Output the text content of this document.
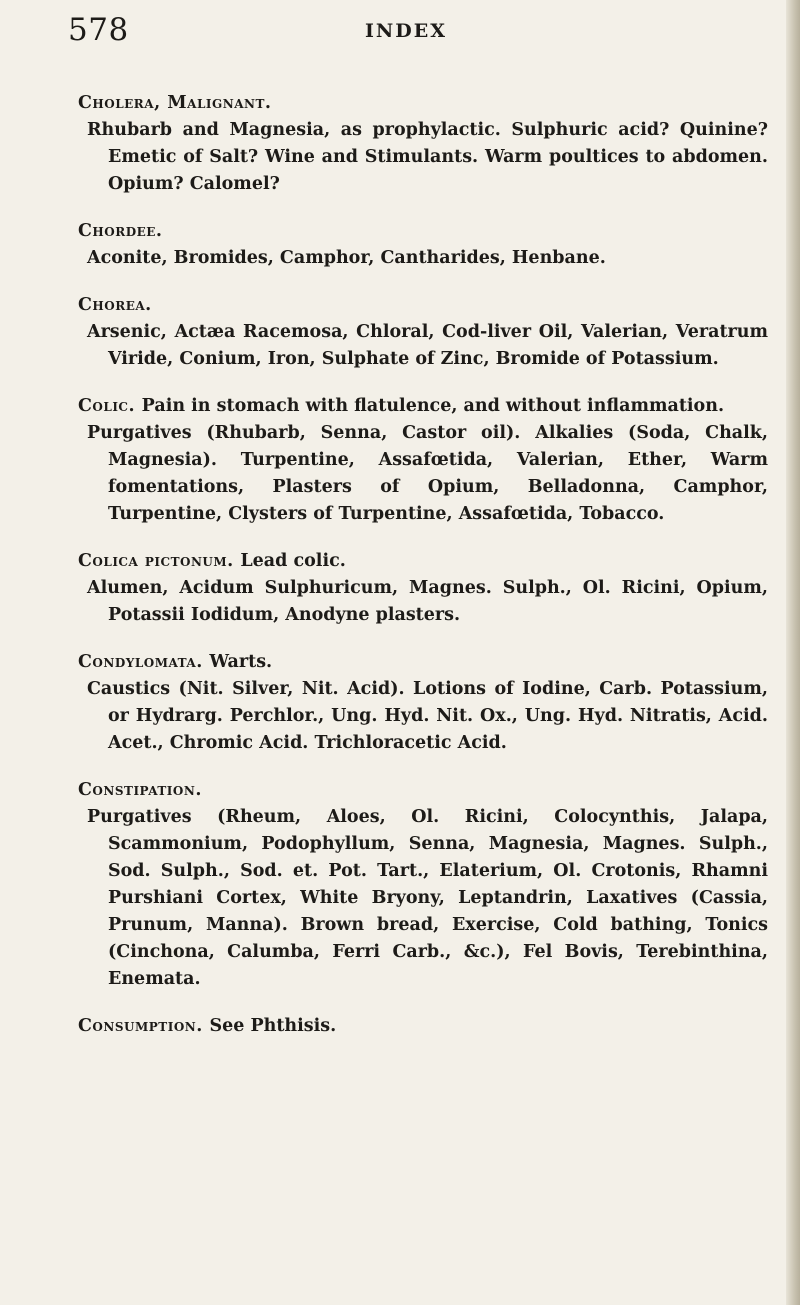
578	INDEX
Cholera, Malignant.

Rhubarb and Magnesia, as prophylactic. Sulphuric acid? Quinine? Emetic of Salt? Wine and Stimulants. Warm poultices to abdomen. Opium? Calomel?

Chordee.

Aconite, Bromides, Camphor, Cantharides, Henbane.

Chorea.

Arsenic, Actæa Racemosa, Chloral, Cod-liver Oil, Valerian, Veratrum Viride, Conium, Iron, Sulphate of Zinc, Bromide of Potassium.

Colic. Pain in stomach with flatulence, and without inflammation.

Purgatives (Rhubarb, Senna, Castor oil). Alkalies (Soda, Chalk, Magnesia). Turpentine, Assafœtida, Valerian, Ether, Warm fomentations, Plasters of Opium, Belladonna, Camphor, Turpentine, Clysters of Turpentine, Assafœtida, Tobacco.

Colica pictonum. Lead colic.

Alumen, Acidum Sulphuricum, Magnes. Sulph., Ol. Ricini, Opium, Potassii Iodidum, Anodyne plasters.

Condylomata. Warts.

Caustics (Nit. Silver, Nit. Acid). Lotions of Iodine, Carb. Potassium, or Hydrarg. Perchlor., Ung. Hyd. Nit. Ox., Ung. Hyd. Nitratis, Acid. Acet., Chromic Acid. Trichloracetic Acid.

Constipation.

Purgatives (Rheum, Aloes, Ol. Ricini, Colocynthis, Jalapa, Scammonium, Podophyllum, Senna, Magnesia, Magnes. Sulph., Sod. Sulph., Sod. et. Pot. Tart., Elaterium, Ol. Crotonis, Rhamni Purshiani Cortex, White Bryony, Leptandrin, Laxatives (Cassia, Prunum, Manna). Brown bread, Exercise, Cold bathing, Tonics (Cinchona, Calumba, Ferri Carb., &c.), Fel Bovis, Terebinthina, Enemata.

Consumption. See Phthisis.
